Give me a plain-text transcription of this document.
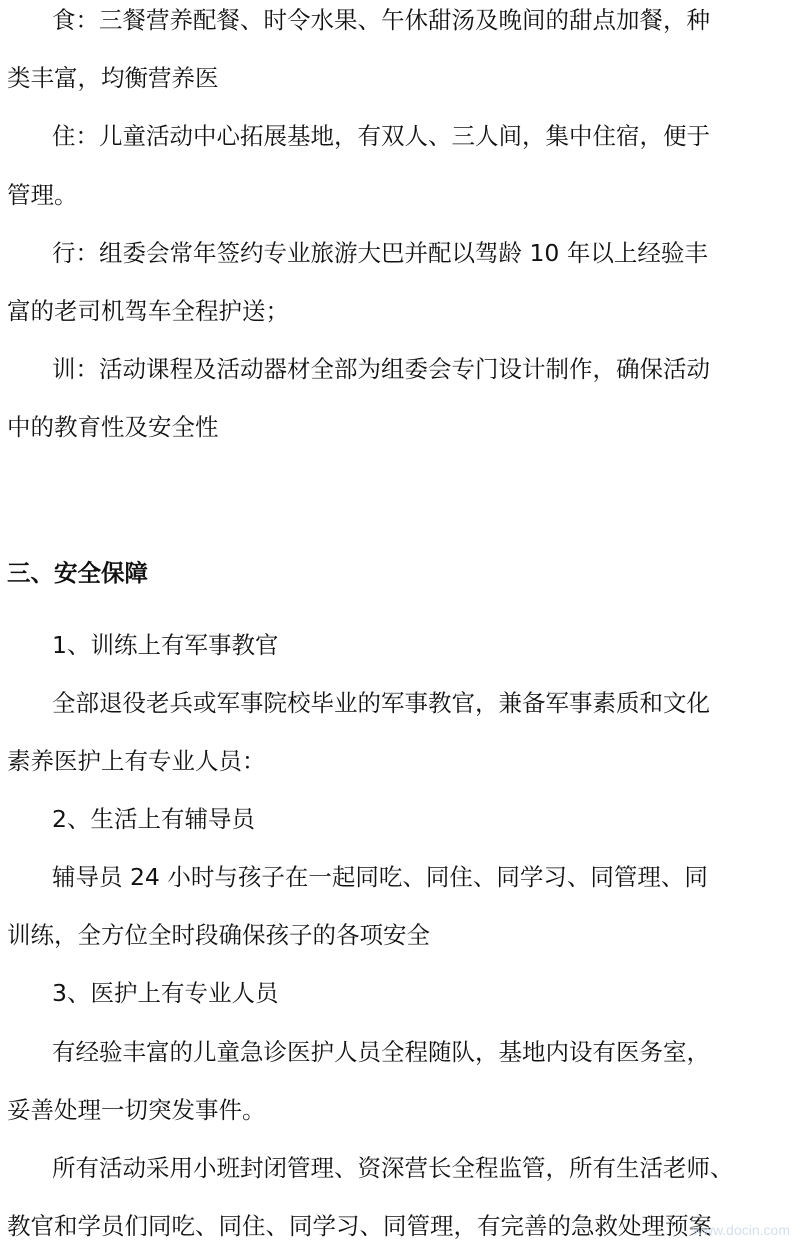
食：三餐营养配餐、时令水果、午休甜汤及晚间的甜点加餐，种
类丰富，均衡营养医
住：儿童活动中心拓展基地，有双人、三人间，集中住宿，便于
管理。
行：组委会常年签约专业旅游大巴并配以驾龄 10 年以上经验丰
富的老司机驾车全程护送；
训：活动课程及活动器材全部为组委会专门设计制作，确保活动
中的教育性及安全性
三、安全保障
1、训练上有军事教官
全部退役老兵或军事院校毕业的军事教官，兼备军事素质和文化
素养医护上有专业人员：
2、生活上有辅导员
辅导员 24 小时与孩子在一起同吃、同住、同学习、同管理、同
训练，全方位全时段确保孩子的各项安全
3、医护上有专业人员
有经验丰富的儿童急诊医护人员全程随队，基地内设有医务室，
妥善处理一切突发事件。
所有活动采用小班封闭管理、资深营长全程监管，所有生活老师、
教官和学员们同吃、同住、同学习、同管理，有完善的急救处理预案
www.docin.com
